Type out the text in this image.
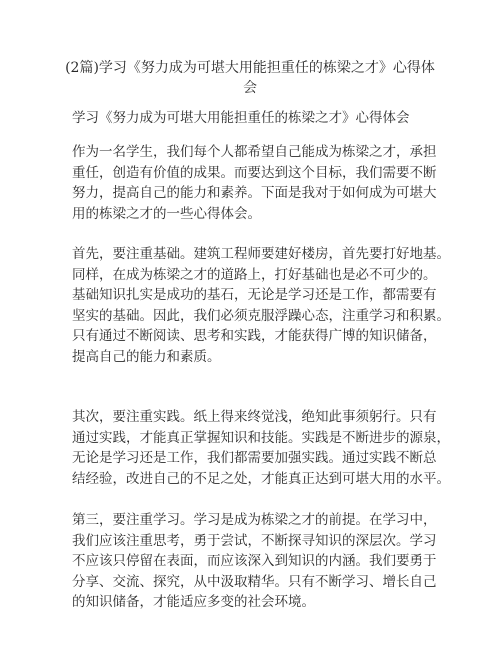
(2篇)学习《努力成为可堪大用能担重任的栋梁之才》心得体
会

学习《努力成为可堪大用能担重任的栋梁之才》心得体会

作为一名学生，我们每个人都希望自己能成为栋梁之才，承担
重任，创造有价值的成果。而要达到这个目标，我们需要不断
努力，提高自己的能力和素养。下面是我对于如何成为可堪大
用的栋梁之才的一些心得体会。

首先，要注重基础。建筑工程师要建好楼房，首先要打好地基。
同样，在成为栋梁之才的道路上，打好基础也是必不可少的。
基础知识扎实是成功的基石，无论是学习还是工作，都需要有
坚实的基础。因此，我们必须克服浮躁心态，注重学习和积累。
只有通过不断阅读、思考和实践，才能获得广博的知识储备，
提高自己的能力和素质。

其次，要注重实践。纸上得来终觉浅，绝知此事须躬行。只有
通过实践，才能真正掌握知识和技能。实践是不断进步的源泉，
无论是学习还是工作，我们都需要加强实践。通过实践不断总
结经验，改进自己的不足之处，才能真正达到可堪大用的水平。

第三，要注重学习。学习是成为栋梁之才的前提。在学习中，
我们应该注重思考，勇于尝试，不断探寻知识的深层次。学习
不应该只停留在表面，而应该深入到知识的内涵。我们要勇于
分享、交流、探究，从中汲取精华。只有不断学习、增长自己
的知识储备，才能适应多变的社会环境。
